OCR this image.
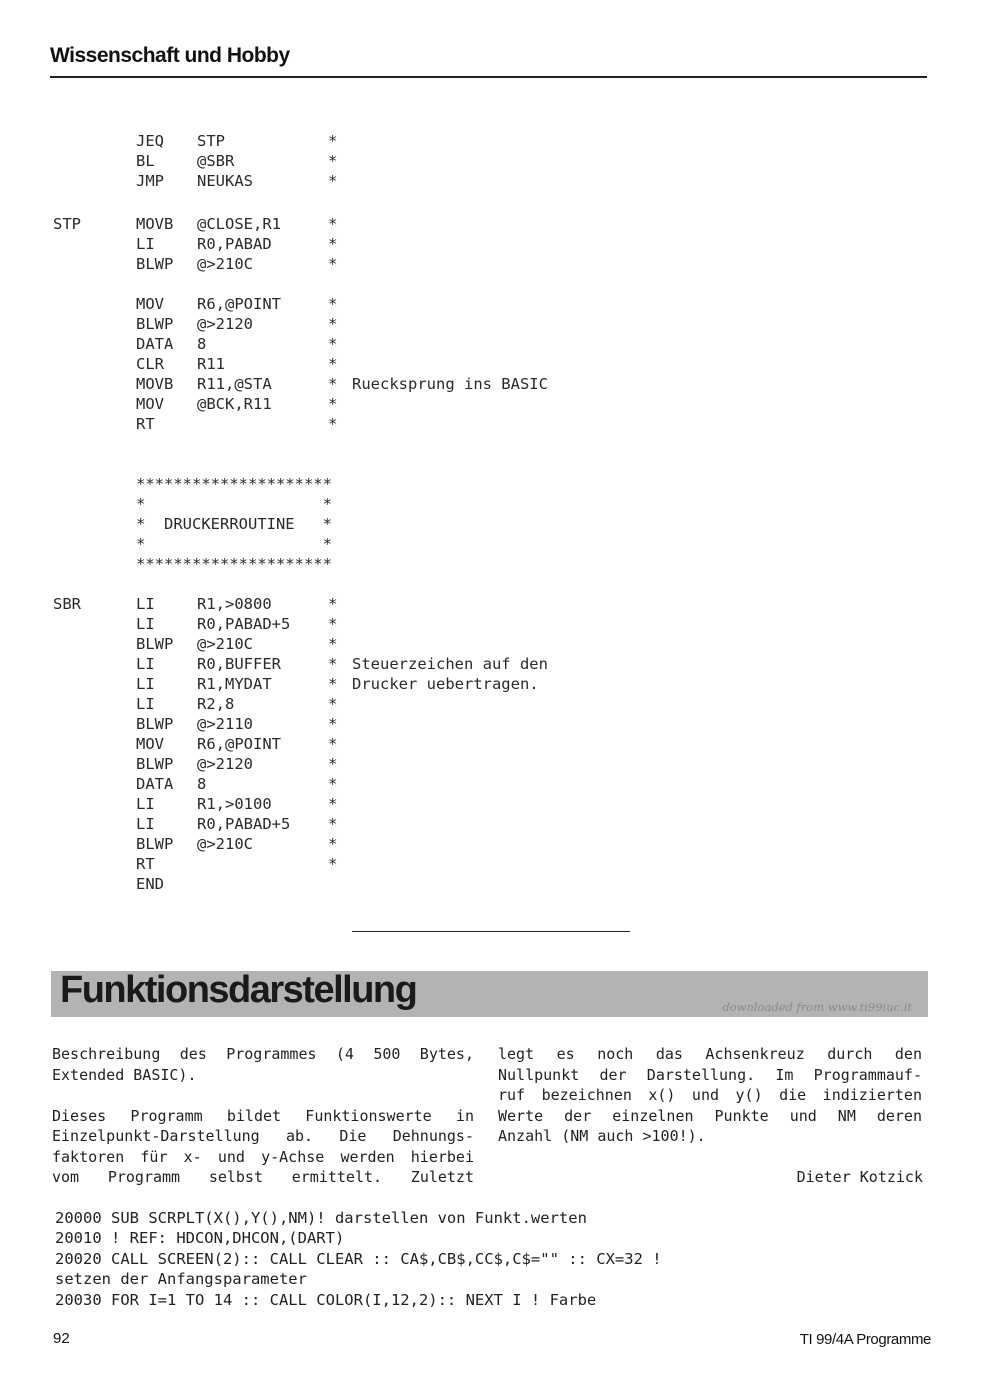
Wissenschaft und Hobby
JEQ STP	*
BL	@SBR	*
JMP NEUKAS	*
STP	MOVB @CLOSE,R1	*
LI	R0,PABAD	*
BLWP @>210C	*
MOV R6,@POINT	*
BLWP @>2120	*
DATA 8	*
CLR R11	*
MOVB R11,@STA	* Ruecksprung ins BASIC
MOV @BCK,R11	*
RT	*
*********************
*                   *
*  DRUCKERROUTINE   *
*                   *
*********************
SBR	LI	R1,>0800	*
LI	R0,PABAD+5 *
BLWP @>210C	*
LI	R0,BUFFER	* Steuerzeichen auf den
LI	R1,MYDAT	* Drucker uebertragen.
LI	R2,8	*
BLWP @>2110	*
MOV R6,@POINT	*
BLWP @>2120	*
DATA 8	*
LI	R1,>0100	*
LI	R0,PABAD+5 *
BLWP @>210C	*
RT	*
END
Funktionsdarstellung	downloaded from www.ti99iuc.it
Beschreibung des Programmes (4 500 Bytes,
Extended BASIC).

Dieses Programm bildet Funktionswerte in
Einzelpunkt-Darstellung ab. Die Dehnungs-
faktoren für x- und y-Achse werden hierbei
vom Programm selbst ermittelt. Zuletzt
legt es noch das Achsenkreuz durch den
Nullpunkt der Darstellung. Im Programmauf-
ruf bezeichnen x() und y() die indizierten
Werte der einzelnen Punkte und NM deren
Anzahl (NM auch >100!).
Dieter Kotzick
20000 SUB SCRPLT(X(),Y(),NM)! darstellen von Funkt.werten
20010 ! REF: HDCON,DHCON,(DART)
20020 CALL SCREEN(2):: CALL CLEAR :: CA$,CB$,CC$,C$="" :: CX=32 !
setzen der Anfangsparameter
20030 FOR I=1 TO 14 :: CALL COLOR(I,12,2):: NEXT I ! Farbe
92	TI 99/4A Programme
